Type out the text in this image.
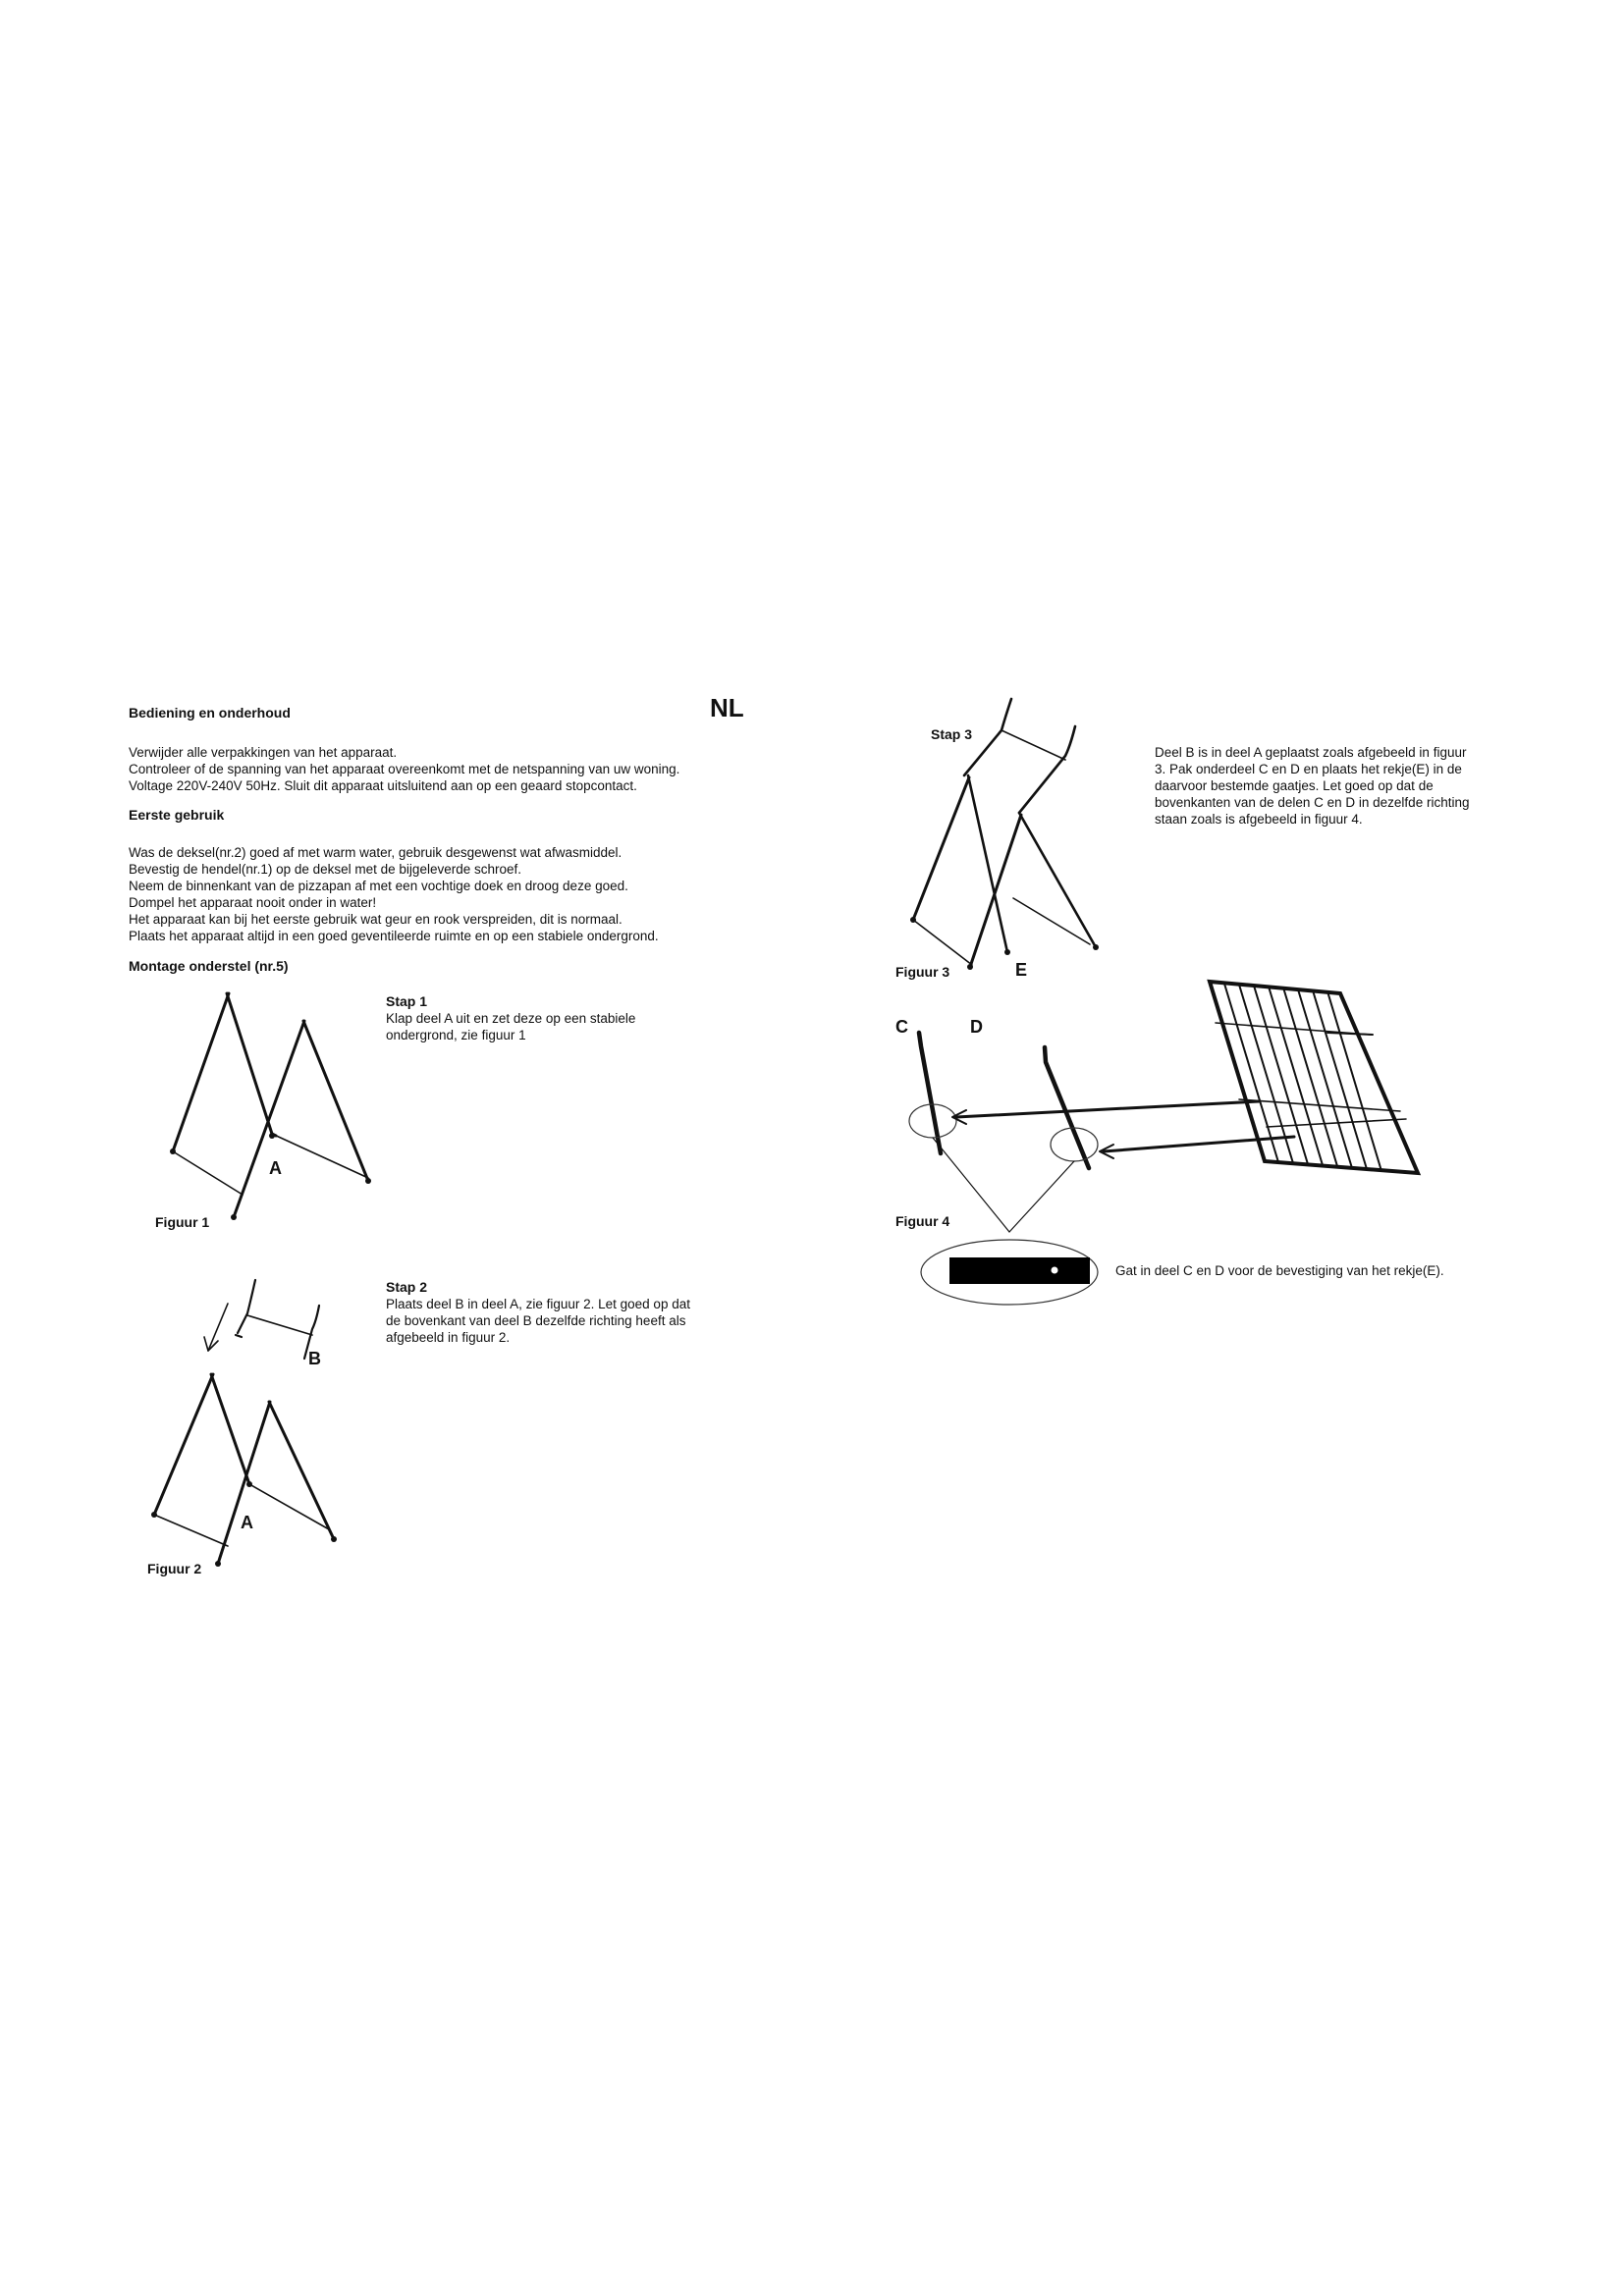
Bediening en onderhoud	NL
Verwijder alle verpakkingen van het apparaat.
Controleer of de spanning van het apparaat overeenkomt met de netspanning van uw woning.
Voltage 220V-240V 50Hz. Sluit dit apparaat uitsluitend aan op een geaard stopcontact.
Eerste gebruik
Was de deksel(nr.2) goed af met warm water, gebruik desgewenst wat afwasmiddel.
Bevestig de hendel(nr.1) op de deksel met de bijgeleverde schroef.
Neem de binnenkant van de pizzapan af met een vochtige doek en droog deze goed.
Dompel het apparaat nooit onder in water!
Het apparaat kan bij het eerste gebruik wat geur en rook verspreiden, dit is normaal.
Plaats het apparaat altijd in een goed geventileerde ruimte en op een stabiele ondergrond.
Montage onderstel (nr.5)
Stap 1
Klap deel A uit en zet deze op een stabiele
ondergrond, zie figuur 1
A
Figuur 1
Stap 2
Plaats deel B in deel A, zie figuur 2. Let goed op dat
de bovenkant van deel B dezelfde richting heeft als
afgebeeld in figuur 2.
B
A
Figuur 2
Stap 3
Deel B is in deel A geplaatst zoals afgebeeld in figuur
3. Pak onderdeel C en D en plaats het rekje(E) in de
daarvoor bestemde gaatjes. Let goed op dat de
bovenkanten van de delen C en D in dezelfde richting
staan zoals is afgebeeld in figuur 4.
Figuur 3	E
C	D
Figuur 4
Gat in deel C en D voor de bevestiging van het rekje(E).
